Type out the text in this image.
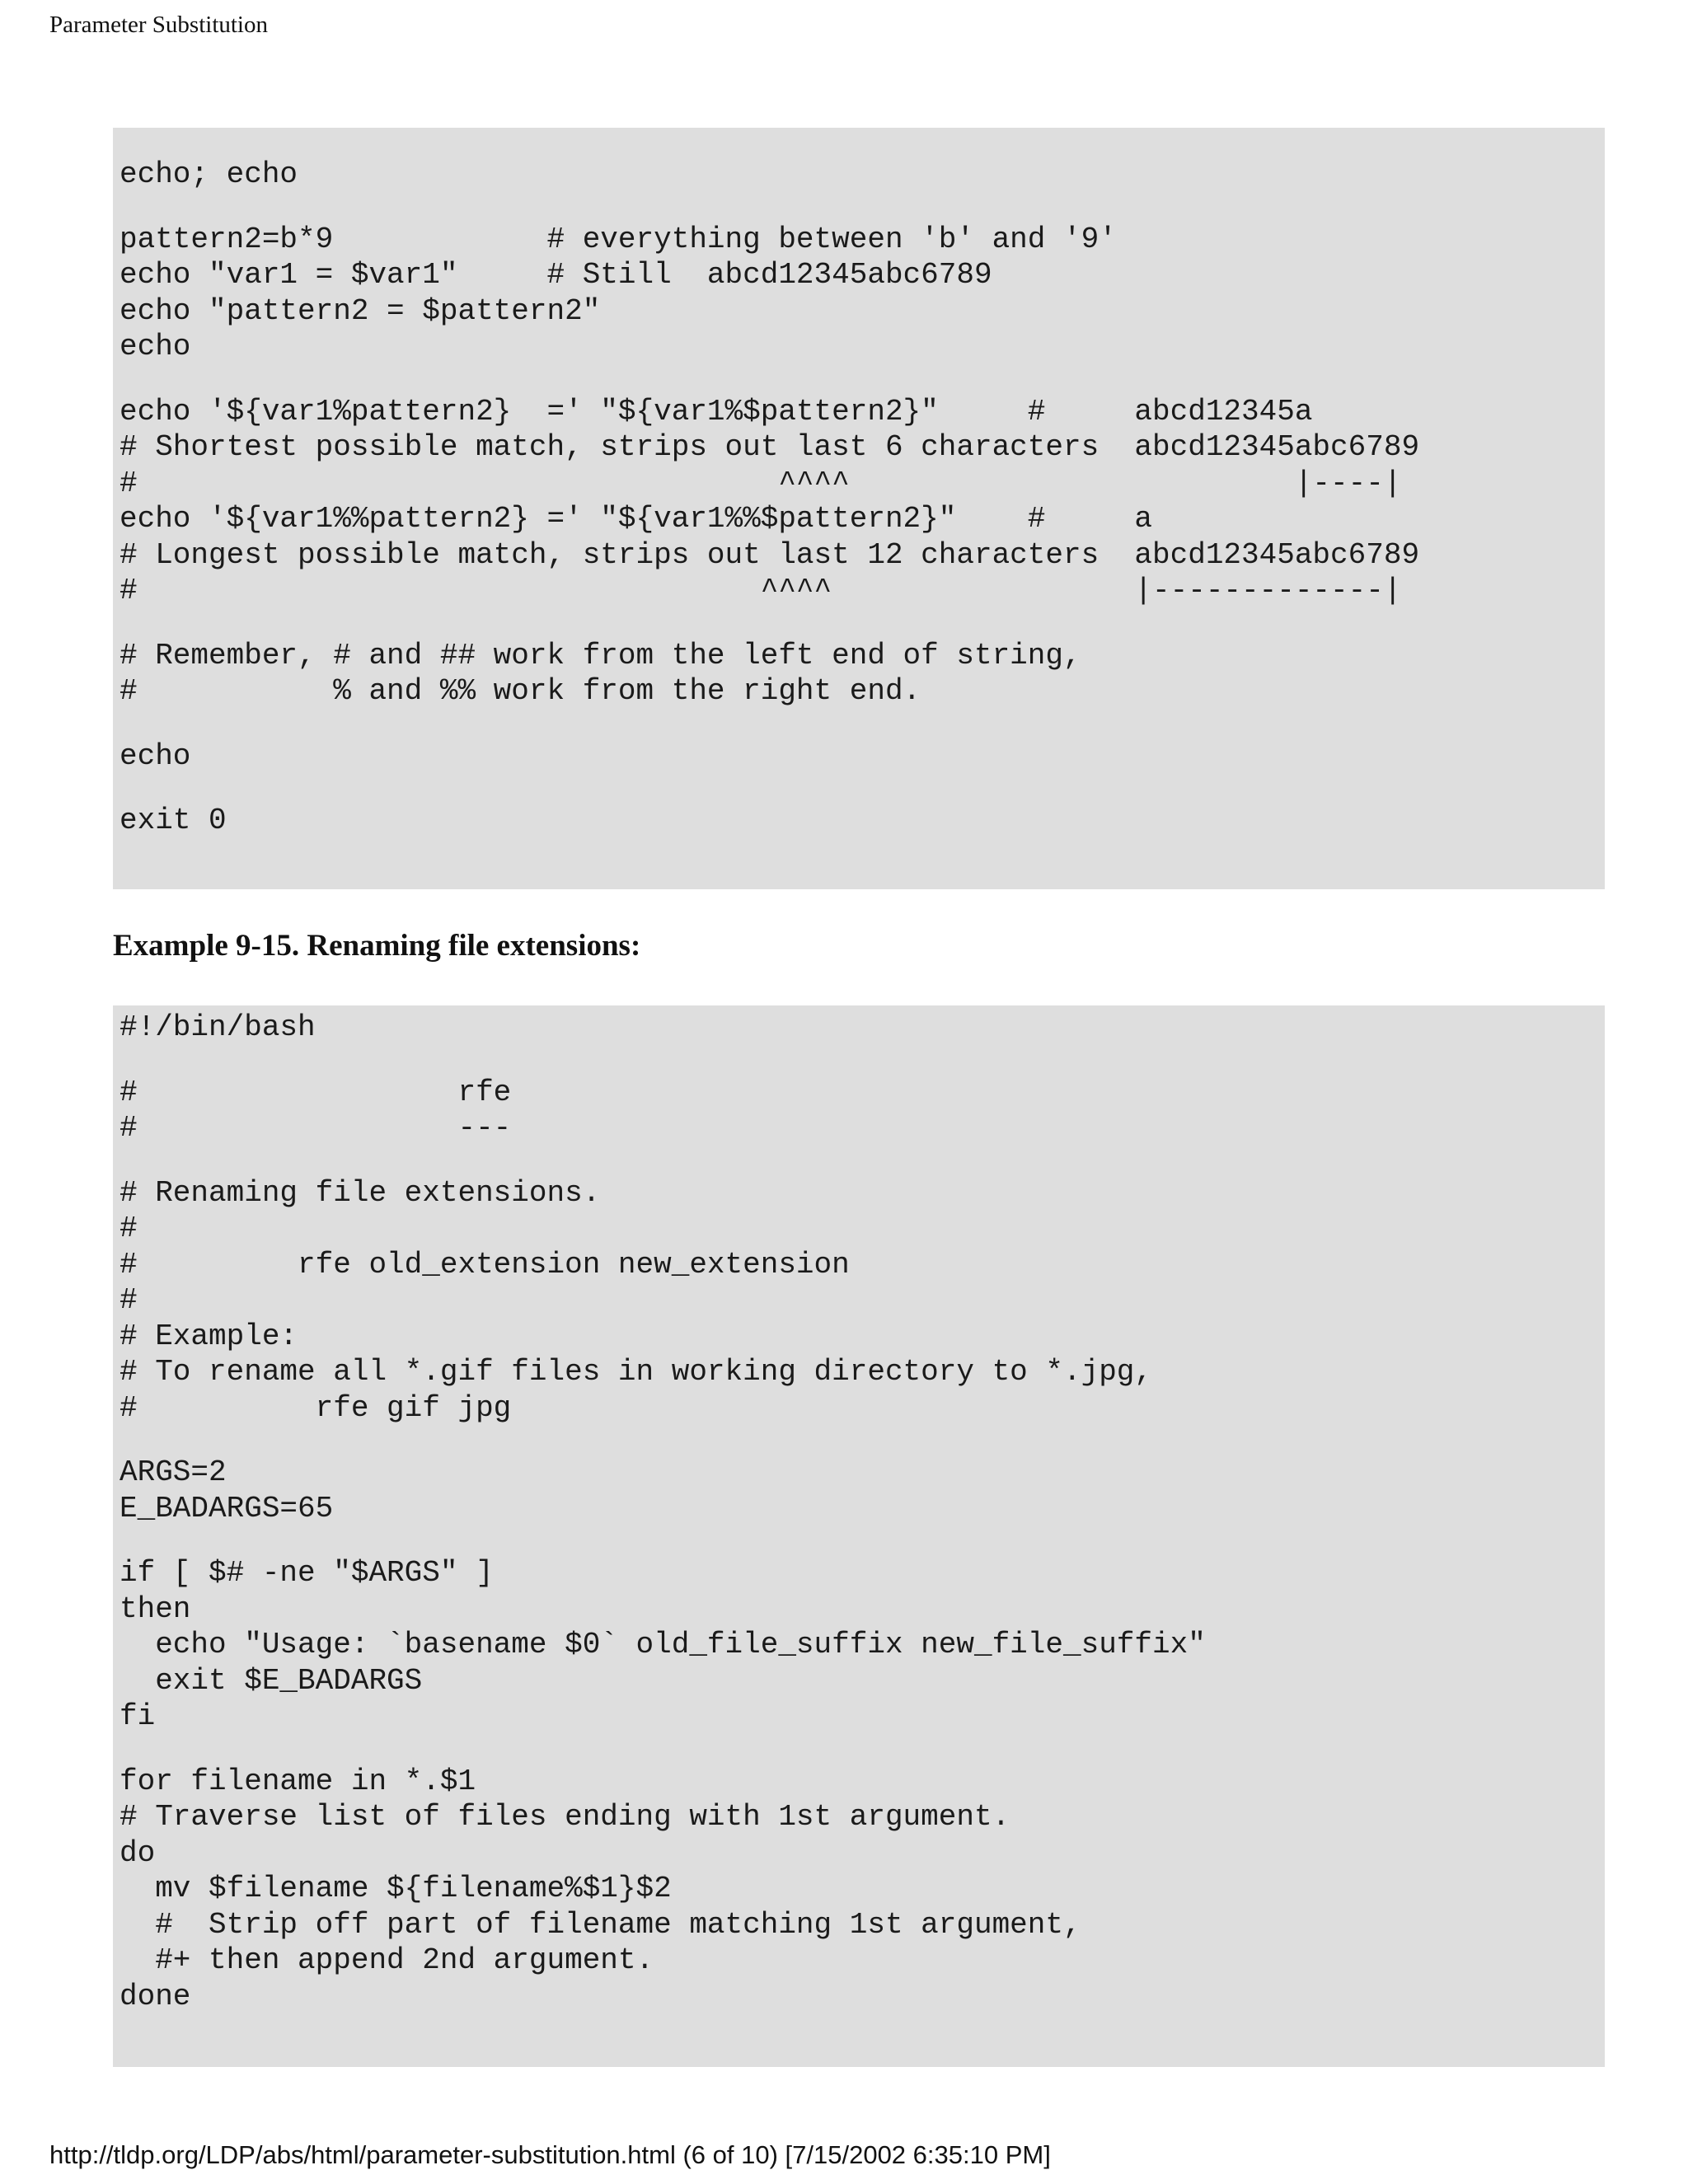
Parameter Substitution
echo; echo
pattern2=b*9            # everything between 'b' and '9'
echo "var1 = $var1"     # Still  abcd12345abc6789
echo "pattern2 = $pattern2"
echo
echo '${var1%pattern2}  =' "${var1%$pattern2}"     #     abcd12345a
# Shortest possible match, strips out last 6 characters  abcd12345abc6789
#                                    ^^^^                         |----|
echo '${var1%%pattern2} =' "${var1%%$pattern2}"    #     a
# Longest possible match, strips out last 12 characters  abcd12345abc6789
#                                   ^^^^                 |-------------|
# Remember, # and ## work from the left end of string,
#           % and %% work from the right end.
echo
exit 0
Example 9-15. Renaming file extensions:
#!/bin/bash
#                  rfe
#                  ---
# Renaming file extensions.
#
#         rfe old_extension new_extension
#
# Example:
# To rename all *.gif files in working directory to *.jpg,
#          rfe gif jpg
ARGS=2
E_BADARGS=65
if [ $# -ne "$ARGS" ]
then
echo "Usage: `basename $0` old_file_suffix new_file_suffix"
exit $E_BADARGS
fi
for filename in *.$1
# Traverse list of files ending with 1st argument.
do
mv $filename ${filename%$1}$2
#  Strip off part of filename matching 1st argument,
#+ then append 2nd argument.
done
http://tldp.org/LDP/abs/html/parameter-substitution.html (6 of 10) [7/15/2002 6:35:10 PM]
